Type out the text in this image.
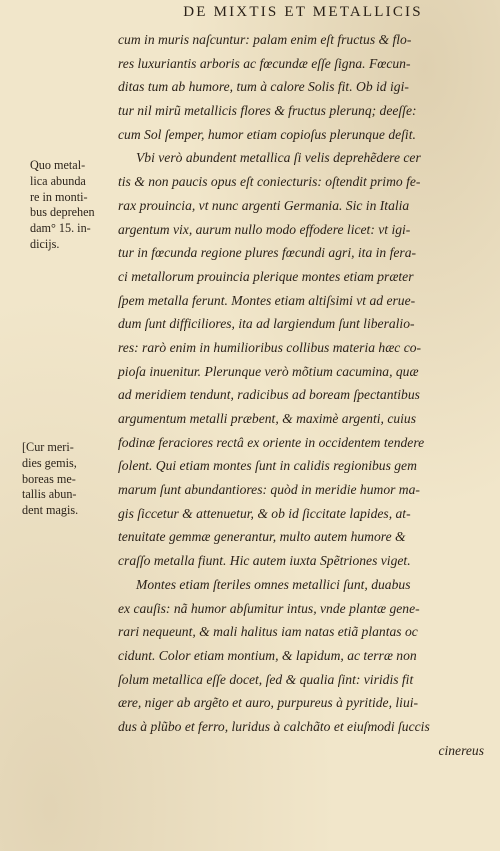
DE MIXTIS ET METALLICIS
Quo metal-
lica abunda
re in monti-
bus deprehen
dam° 15. in-
dicijs.
[Cur meri-
dies gemis,
boreas me-
tallis abun-
dent magis.
cum in muris naſcuntur: palam enim eſt fructus & flo-
res luxuriantis arboris ac fœcundæ eſſe ſigna. Fœcun-
ditas tum ab humore, tum à calore Solis fit. Ob id igi-
tur nil mirũ metallicis flores & fructus plerunq; deeſſe:
cum Sol ſemper, humor etiam copioſus plerunque deſit.
Vbi verò abundent metallica ſi velis deprehẽdere cer
tis & non paucis opus eſt coniecturis: oſtendit primo fe-
rax prouincia, vt nunc argenti Germania. Sic in Italia
argentum vix, aurum nullo modo effodere licet: vt igi-
tur in fœcunda regione plures fœcundi agri, ita in fera-
ci metallorum prouincia plerique montes etiam præter
ſpem metalla ferunt. Montes etiam altiſsimi vt ad erue-
dum ſunt difficiliores, ita ad largiendum ſunt liberalio-
res: rarò enim in humilioribus collibus materia hæc co-
pioſa inuenitur. Plerunque verò mõtium cacumina, quæ
ad meridiem tendunt, radicibus ad boream ſpectantibus
argumentum metalli præbent, & maximè argenti, cuius
fodinæ feraciores rectâ ex oriente in occidentem tendere
ſolent. Qui etiam montes ſunt in calidis regionibus gem
marum ſunt abundantiores: quòd in meridie humor ma-
gis ſiccetur & attenuetur, & ob id ſiccitate lapides, at-
tenuitate gemmæ generantur, multo autem humore &
craſſo metalla fiunt. Hic autem iuxta Spẽtriones viget.
Montes etiam ſteriles omnes metallici ſunt, duabus
ex cauſis: nã humor abſumitur intus, vnde plantæ gene-
rari nequeunt, & mali halitus iam natas etiã plantas oc
cidunt. Color etiam montium, & lapidum, ac terræ non
ſolum metallica eſſe docet, ſed & qualia ſint: viridis fit
ære, niger ab argẽto et auro, purpureus à pyritide, liui-
dus à plũbo et ferro, luridus à calchãto et eiuſmodi ſuccis
cinereus
